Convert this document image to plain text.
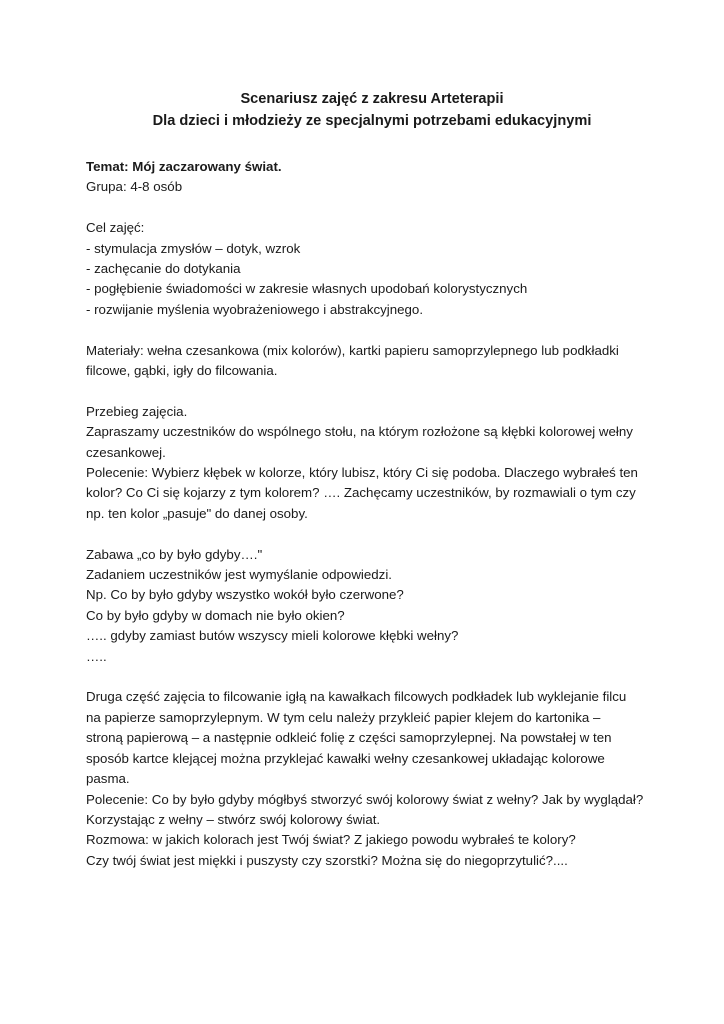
Scenariusz zajęć z zakresu Arteterapii

Dla dzieci i młodzieży ze specjalnymi potrzebami edukacyjnymi

Temat: Mój zaczarowany świat.

Grupa: 4-8 osób

Cel zajęć:

- stymulacja zmysłów – dotyk, wzrok

- zachęcanie do dotykania

- pogłębienie świadomości w zakresie własnych upodobań kolorystycznych

- rozwijanie myślenia wyobrażeniowego i abstrakcyjnego.

Materiały: wełna czesankowa (mix kolorów), kartki papieru samoprzylepnego lub podkładki

filcowe, gąbki, igły do filcowania.

Przebieg zajęcia.

Zapraszamy uczestników do wspólnego stołu, na którym rozłożone są kłębki kolorowej wełny

czesankowej.

Polecenie: Wybierz kłębek w kolorze, który lubisz, który Ci się podoba. Dlaczego wybrałeś ten

kolor? Co Ci się kojarzy z tym kolorem? …. Zachęcamy uczestników, by rozmawiali o tym czy

np. ten kolor „pasuje" do danej osoby.

Zabawa „co by było gdyby…."

Zadaniem uczestników jest wymyślanie odpowiedzi.

Np. Co by było gdyby wszystko wokół było czerwone?

Co by było gdyby w domach nie było okien?

….. gdyby zamiast butów wszyscy mieli kolorowe kłębki wełny?

…..

Druga część zajęcia to filcowanie igłą na kawałkach filcowych podkładek lub wyklejanie filcu

na papierze samoprzylepnym. W tym celu należy przykleić papier klejem do kartonika –

stroną papierową – a następnie odkleić folię z części samoprzylepnej. Na powstałej w ten

sposób kartce klejącej można przyklejać kawałki wełny czesankowej układając kolorowe

pasma.

Polecenie: Co by było gdyby mógłbyś stworzyć swój kolorowy świat z wełny? Jak by wyglądał?

Korzystając z wełny – stwórz swój kolorowy świat.

Rozmowa: w jakich kolorach jest Twój świat? Z jakiego powodu wybrałeś te kolory?

Czy twój świat jest miękki i puszysty czy szorstki? Można się do niegoprzytulić?....
